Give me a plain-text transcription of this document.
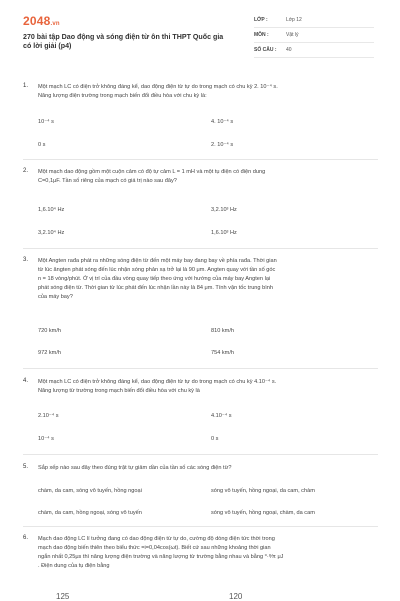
2048.vn
270 bài tập Dao động và sóng điện từ ôn thi THPT Quốc gia có lời giải (p4)
LỚP :	Lớp 12
MÔN :	Vật lý
SỐ CÂU : 40
1. Một mạch LC có điện trở không đáng kể, dao động điện từ tự do trong mạch có chu kỳ 2. 10⁻⁴ s.
Năng lượng điện trường trong mạch biến đổi điều hòa với chu kỳ là:
10⁻⁴ s	4. 10⁻⁴ s
0 s	2. 10⁻⁴ s
2. Một mạch dao động gồm một cuộn cảm có độ tự cảm L = 1 mH và một tụ điện có điện dung
C=0,1μF. Tần số riêng của mạch có giá trị nào sau đây?
1,6.10⁴ Hz	3,2.10³ Hz
3,2.10⁴ Hz	1,6.10³ Hz
3. Một Angten rađa phát ra những sóng điện từ đến một máy bay đang bay về phía rađa. Thời gian
từ lúc ăngten phát sóng đến lúc nhận sóng phản xạ trở lại là 90 μm. Angten quay với tần số góc
n = 18 vòng/phút. Ở vị trí của đầu vòng quay tiếp theo ứng với hướng của máy bay Angten lại
phát sóng điện từ. Thời gian từ lúc phát đến lúc nhận lần này là 84 μm. Tính vận tốc trung bình
của máy bay?
720 km/h	810 km/h
972 km/h	754 km/h
4. Một mạch LC có điện trở không đáng kể, dao động điện từ tự do trong mạch có chu kỳ 4.10⁻⁴ s.
Năng lượng từ trường trong mạch biến đổi điều hòa với chu kỳ là
2.10⁻⁴ s	4.10⁻⁴ s
10⁻⁴ s	0 s
5. Sắp xếp nào sau đây theo đúng trật tự giảm dần của tần số các sóng điện từ?
chàm, da cam, sóng vô tuyến, hồng ngoại	sóng vô tuyến, hồng ngoại, da cam, chàm
chàm, da cam, hồng ngoại, sóng vô tuyến	sóng vô tuyến, hồng ngoại, chàm, da cam
6. Mạch dao động LC lí tưởng đang có dao động điện từ tự do, cường độ dòng điện tức thời trong
mạch dao động biến thiên theo biểu thức =i=0,04cos(ωt). Biết cứ sau những khoảng thời gian
ngắn nhất 0,25μs thì năng lượng điện trường và năng lượng từ trường bằng nhau và bằng ⁰·⁸⁄π μJ
. Điện dung của tụ điện bằng
125	120
